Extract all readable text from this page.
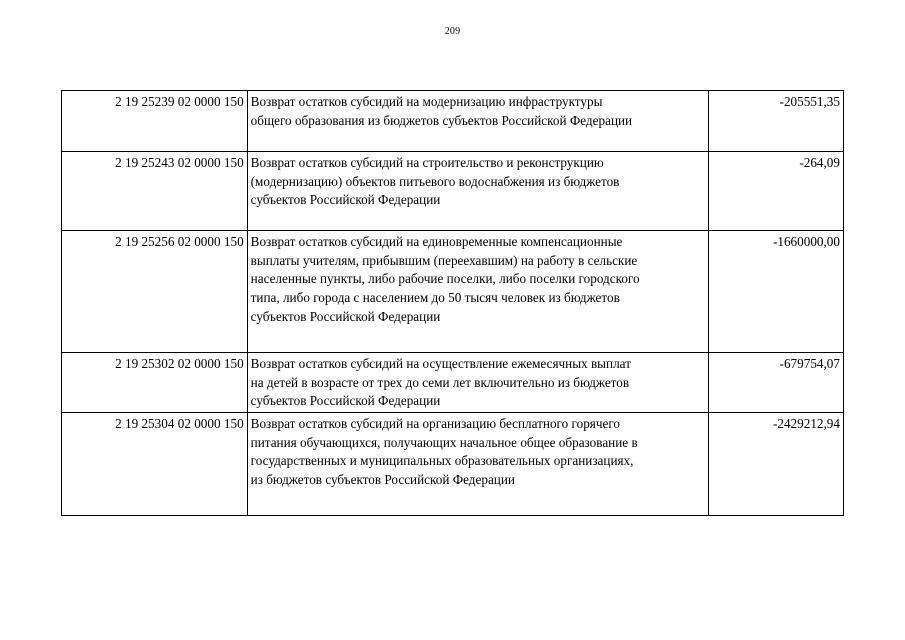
209
2 19 25239 02 0000 150	Возврат остатков субсидий на модернизацию инфраструктуры
общего образования из бюджетов субъектов Российской Федерации	-205551,35
2 19 25243 02 0000 150	Возврат остатков субсидий на строительство и реконструкцию
(модернизацию) объектов питьевого водоснабжения из бюджетов
субъектов Российской Федерации	-264,09
2 19 25256 02 0000 150	Возврат остатков субсидий на единовременные компенсационные
выплаты учителям, прибывшим (переехавшим) на работу в сельские
населенные пункты, либо рабочие поселки, либо поселки городского
типа, либо города с населением до 50 тысяч человек из бюджетов
субъектов Российской Федерации	-1660000,00
2 19 25302 02 0000 150	Возврат остатков субсидий на осуществление ежемесячных выплат
на детей в возрасте от трех до семи лет включительно из бюджетов
субъектов Российской Федерации	-679754,07
2 19 25304 02 0000 150	Возврат остатков субсидий на организацию бесплатного горячего
питания обучающихся, получающих начальное общее образование в
государственных и муниципальных образовательных организациях,
из бюджетов субъектов Российской Федерации	-2429212,94
